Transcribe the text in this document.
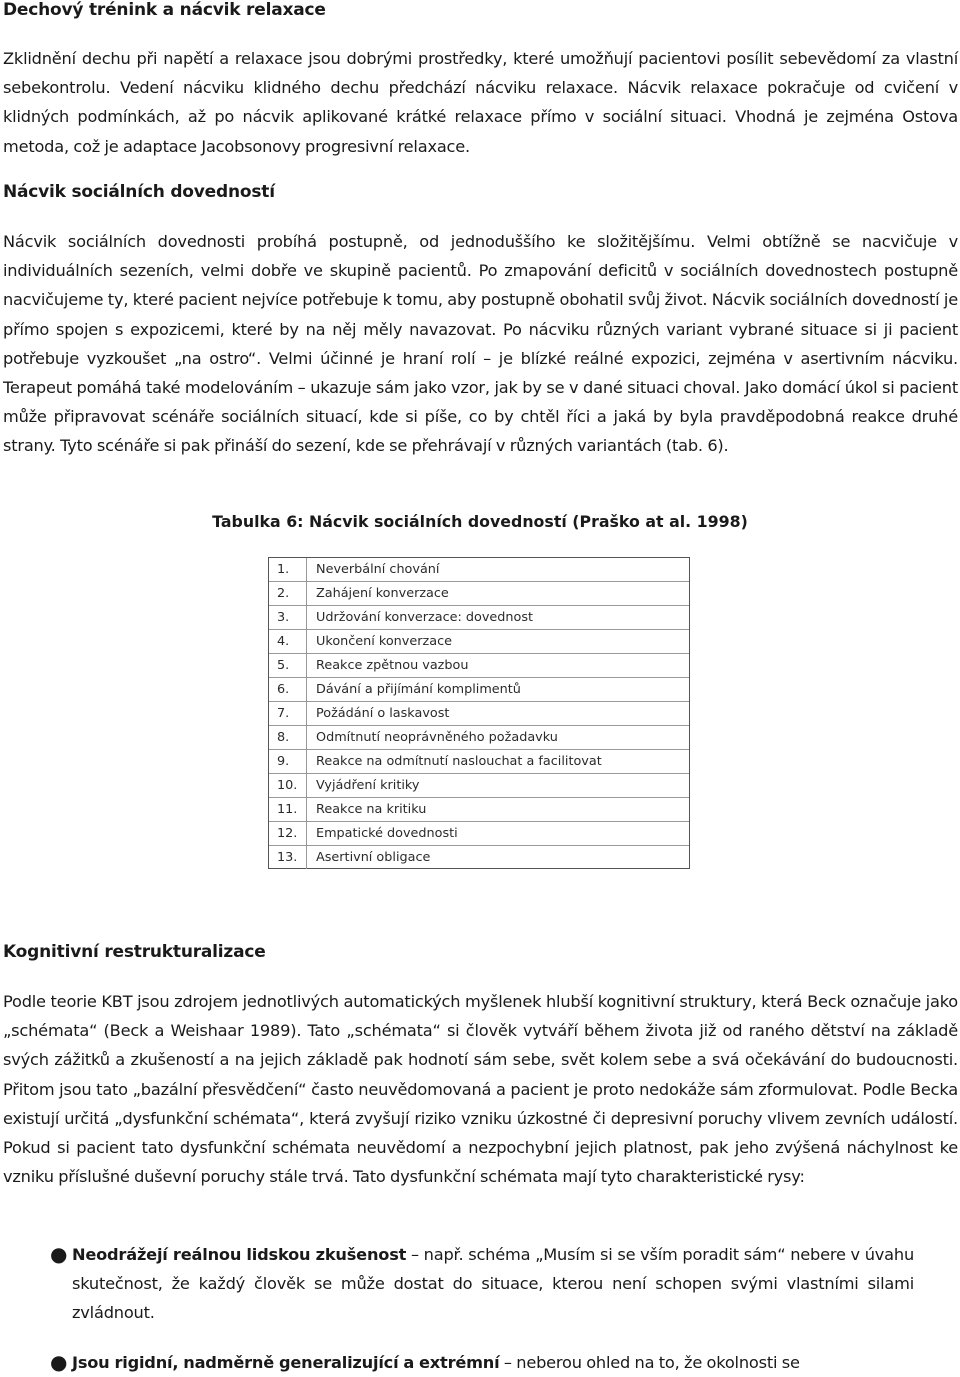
Dechový trénink a nácvik relaxace

Zklidnění dechu při napětí a relaxace jsou dobrými prostředky, které umožňují pacientovi posílit sebevědomí za vlastní sebekontrolu. Vedení nácviku klidného dechu předchází nácviku relaxace. Nácvik relaxace pokračuje od cvičení v klidných podmínkách, až po nácvik aplikované krátké relaxace přímo v sociální situaci. Vhodná je zejména Ostova metoda, což je adaptace Jacobsonovy progresivní relaxace.

Nácvik sociálních dovedností

Nácvik sociálních dovednosti probíhá postupně, od jednoduššího ke složitějšímu. Velmi obtížně se nacvičuje v individuálních sezeních, velmi dobře ve skupině pacientů. Po zmapování deficitů v sociálních dovednostech postupně nacvičujeme ty, které pacient nejvíce potřebuje k tomu, aby postupně obohatil svůj život. Nácvik sociálních dovedností je přímo spojen s expozicemi, které by na něj měly navazovat. Po nácviku různých variant vybrané situace si ji pacient potřebuje vyzkoušet „na ostro“. Velmi účinné je hraní rolí – je blízké reálné expozici, zejména v asertivním nácviku. Terapeut pomáhá také modelováním – ukazuje sám jako vzor, jak by se v dané situaci choval. Jako domácí úkol si pacient může připravovat scénáře sociálních situací, kde si píše, co by chtěl říci a jaká by byla pravděpodobná reakce druhé strany. Tyto scénáře si pak přináší do sezení, kde se přehrávají v různých variantách (tab. 6).

Tabulka 6: Nácvik sociálních dovedností (Praško at al. 1998)
1.	Neverbální chování
2.	Zahájení konverzace
3.	Udržování konverzace: dovednost
4.	Ukončení konverzace
5.	Reakce zpětnou vazbou
6.	Dávání a přijímání komplimentů
7.	Požádání o laskavost
8.	Odmítnutí neoprávněného požadavku
9.	Reakce na odmítnutí naslouchat a facilitovat
10.	Vyjádření kritiky
11.	Reakce na kritiku
12.	Empatické dovednosti
13.	Asertivní obligace
Kognitivní restrukturalizace

Podle teorie KBT jsou zdrojem jednotlivých automatických myšlenek hlubší kognitivní struktury, která Beck označuje jako „schémata“ (Beck a Weishaar 1989). Tato „schémata“ si člověk vytváří během života již od raného dětství na základě svých zážitků a zkušeností a na jejich základě pak hodnotí sám sebe, svět kolem sebe a svá očekávání do budoucnosti. Přitom jsou tato „bazální přesvědčení“ často neuvědomovaná a pacient je proto nedokáže sám zformulovat. Podle Becka existují určitá „dysfunkční schémata“, která zvyšují riziko vzniku úzkostné či depresivní poruchy vlivem zevních událostí. Pokud si pacient tato dysfunkční schémata neuvědomí a nezpochybní jejich platnost, pak jeho zvýšená náchylnost ke vzniku příslušné duševní poruchy stále trvá. Tato dysfunkční schémata mají tyto charakteristické rysy:

● Neodrážejí reálnou lidskou zkušenost – např. schéma „Musím si se vším poradit sám“ nebere v úvahu skutečnost, že každý člověk se může dostat do situace, kterou není schopen svými vlastními silami zvládnout.
● Jsou rigidní, nadměrně generalizující a extrémní – neberou ohled na to, že okolnosti se
